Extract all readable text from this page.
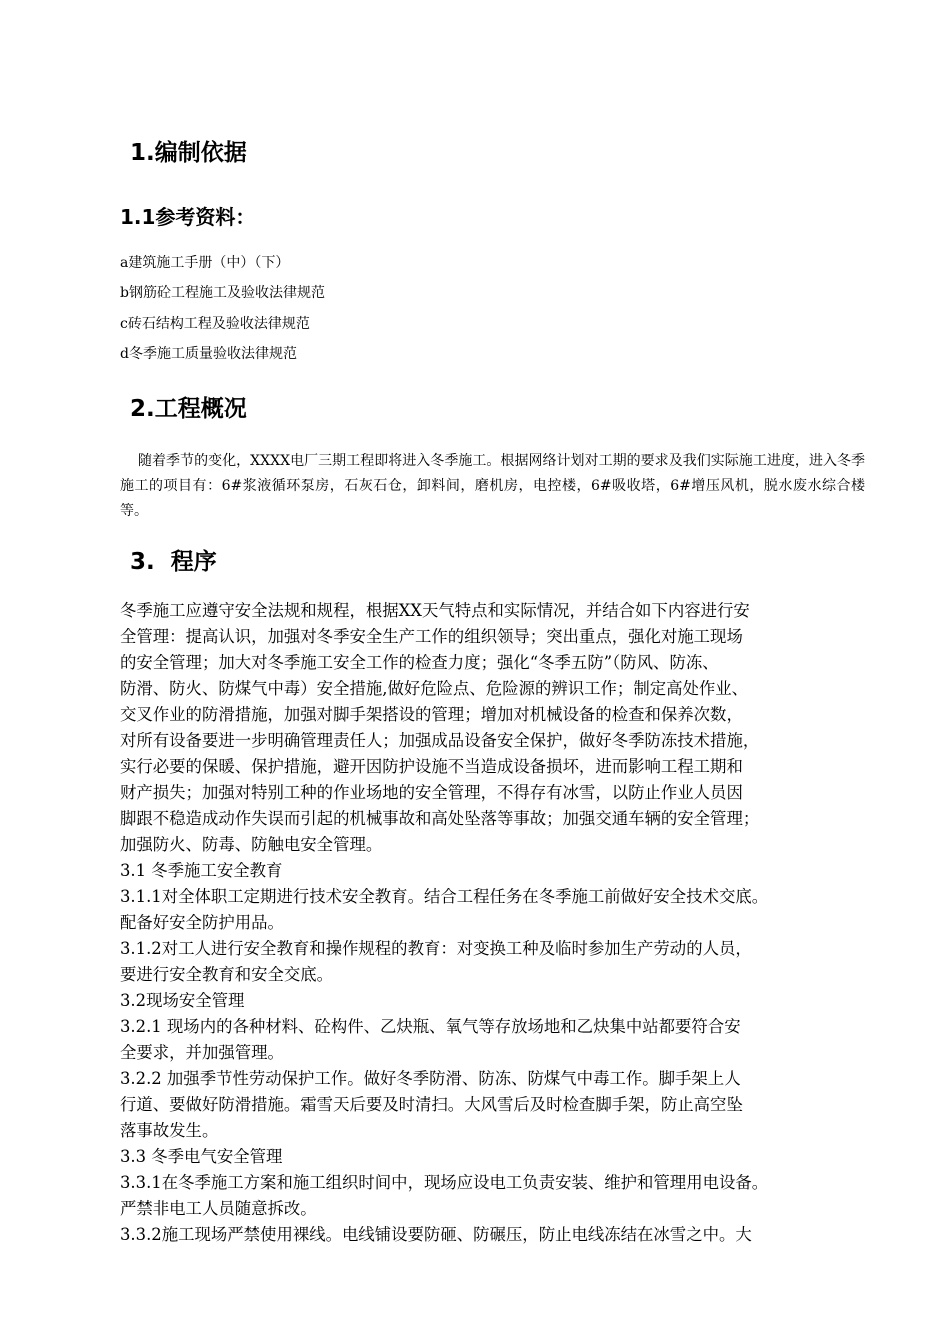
1.编制依据
1.1参考资料：
a建筑施工手册（中）（下）
b钢筋砼工程施工及验收法律规范
c砖石结构工程及验收法律规范
d冬季施工质量验收法律规范
2.工程概况
随着季节的变化，XXXX电厂三期工程即将进入冬季施工。根据网络计划对工期的要求及我们实际施工进度，进入冬季施工的项目有：6#浆液循环泵房，石灰石仓，卸料间，磨机房，电控楼，6#吸收塔，6#增压风机，脱水废水综合楼等。
3.  程序
冬季施工应遵守安全法规和规程，根据XX天气特点和实际情况，并结合如下内容进行安
全管理：提高认识，加强对冬季安全生产工作的组织领导；突出重点，强化对施工现场
的安全管理；加大对冬季施工安全工作的检查力度；强化“冬季五防”（防风、防冻、
防滑、防火、防煤气中毒）安全措施,做好危险点、危险源的辨识工作；制定高处作业、
交叉作业的防滑措施，加强对脚手架搭设的管理；增加对机械设备的检查和保养次数，
对所有设备要进一步明确管理责任人；加强成品设备安全保护，做好冬季防冻技术措施，
实行必要的保暖、保护措施，避开因防护设施不当造成设备损坏，进而影响工程工期和
财产损失；加强对特别工种的作业场地的安全管理，不得存有冰雪，以防止作业人员因
脚跟不稳造成动作失误而引起的机械事故和高处坠落等事故；加强交通车辆的安全管理；
加强防火、防毒、防触电安全管理。
3.1 冬季施工安全教育
3.1.1对全体职工定期进行技术安全教育。结合工程任务在冬季施工前做好安全技术交底。
配备好安全防护用品。
3.1.2对工人进行安全教育和操作规程的教育：对变换工种及临时参加生产劳动的人员，
要进行安全教育和安全交底。
3.2现场安全管理
3.2.1 现场内的各种材料、砼构件、乙炔瓶、氧气等存放场地和乙炔集中站都要符合安
全要求，并加强管理。
3.2.2 加强季节性劳动保护工作。做好冬季防滑、防冻、防煤气中毒工作。脚手架上人
行道、要做好防滑措施。霜雪天后要及时清扫。大风雪后及时检查脚手架，防止高空坠
落事故发生。
3.3 冬季电气安全管理
3.3.1在冬季施工方案和施工组织时间中，现场应设电工负责安装、维护和管理用电设备。
严禁非电工人员随意拆改。
3.3.2施工现场严禁使用裸线。电线铺设要防砸、防碾压，防止电线冻结在冰雪之中。大
